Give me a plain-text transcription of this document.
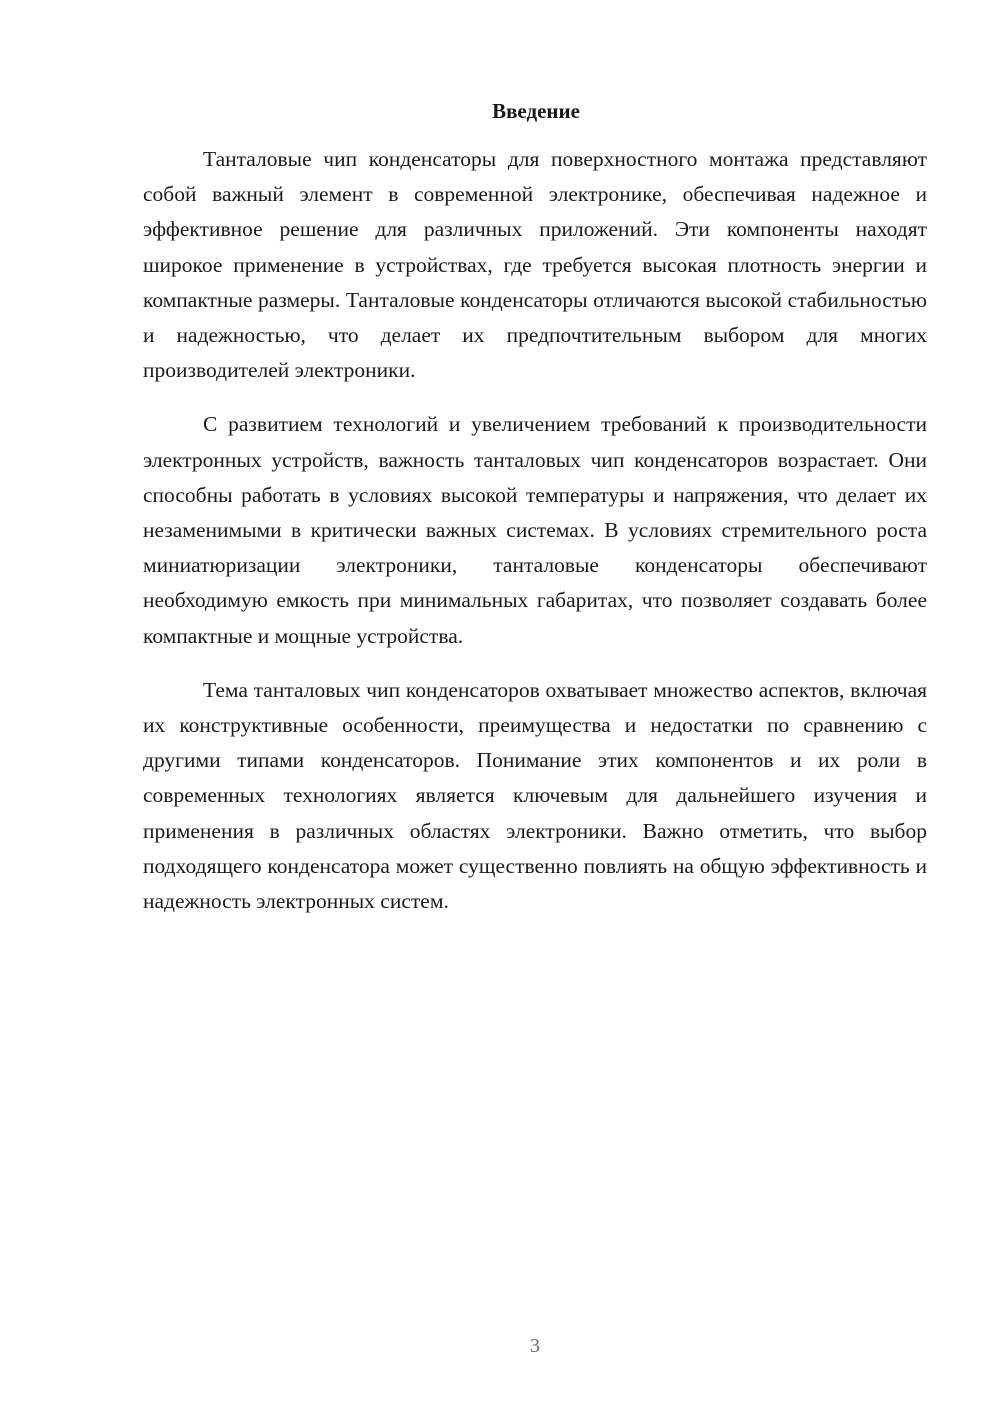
Введение

Танталовые чип конденсаторы для поверхностного монтажа представляют собой важный элемент в современной электронике, обеспечивая надежное и эффективное решение для различных приложений. Эти компоненты находят широкое применение в устройствах, где требуется высокая плотность энергии и компактные размеры. Танталовые конденсаторы отличаются высокой стабильностью и надежностью, что делает их предпочтительным выбором для многих производителей электроники.

С развитием технологий и увеличением требований к производительности электронных устройств, важность танталовых чип конденсаторов возрастает. Они способны работать в условиях высокой температуры и напряжения, что делает их незаменимыми в критически важных системах. В условиях стремительного роста миниатюризации электроники, танталовые конденсаторы обеспечивают необходимую емкость при минимальных габаритах, что позволяет создавать более компактные и мощные устройства.

Тема танталовых чип конденсаторов охватывает множество аспектов, включая их конструктивные особенности, преимущества и недостатки по сравнению с другими типами конденсаторов. Понимание этих компонентов и их роли в современных технологиях является ключевым для дальнейшего изучения и применения в различных областях электроники. Важно отметить, что выбор подходящего конденсатора может существенно повлиять на общую эффективность и надежность электронных систем.

3
